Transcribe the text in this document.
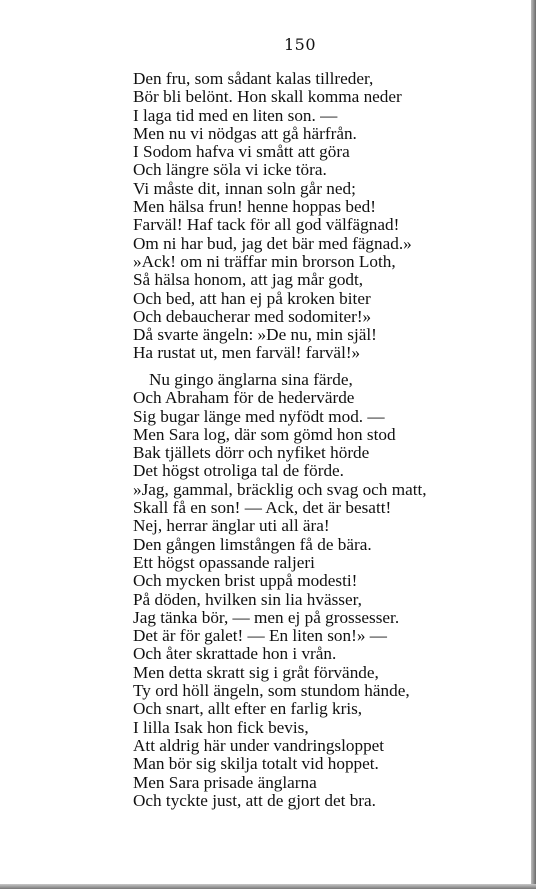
150
Den fru, som sådant kalas tillreder,
Bör bli belönt. Hon skall komma neder
I laga tid med en liten son. —
Men nu vi nödgas att gå härfrån.
I Sodom hafva vi smått att göra
Och längre söla vi icke töra.
Vi måste dit, innan soln går ned;
Men hälsa frun! henne hoppas bed!
Farväl! Haf tack för all god välfägnad!
Om ni har bud, jag det bär med fägnad.»
»Ack! om ni träffar min brorson Loth,
Så hälsa honom, att jag mår godt,
Och bed, att han ej på kroken biter
Och debaucherar med sodomiter!»
Då svarte ängeln: »De nu, min själ!
Ha rustat ut, men farväl! farväl!»
Nu gingo änglarna sina färde,
Och Abraham för de hedervärde
Sig bugar länge med nyfödt mod. —
Men Sara log, där som gömd hon stod
Bak tjällets dörr och nyfiket hörde
Det högst otroliga tal de förde.
»Jag, gammal, bräcklig och svag och matt,
Skall få en son! — Ack, det är besatt!
Nej, herrar änglar uti all ära!
Den gången limstången få de bära.
Ett högst opassande raljeri
Och mycken brist uppå modesti!
På döden, hvilken sin lia hvässer,
Jag tänka bör, — men ej på grossesser.
Det är för galet! — En liten son!» —
Och åter skrattade hon i vrån.
Men detta skratt sig i gråt förvände,
Ty ord höll ängeln, som stundom hände,
Och snart, allt efter en farlig kris,
I lilla Isak hon fick bevis,
Att aldrig här under vandringsloppet
Man bör sig skilja totalt vid hoppet.
Men Sara prisade änglarna
Och tyckte just, att de gjort det bra.
